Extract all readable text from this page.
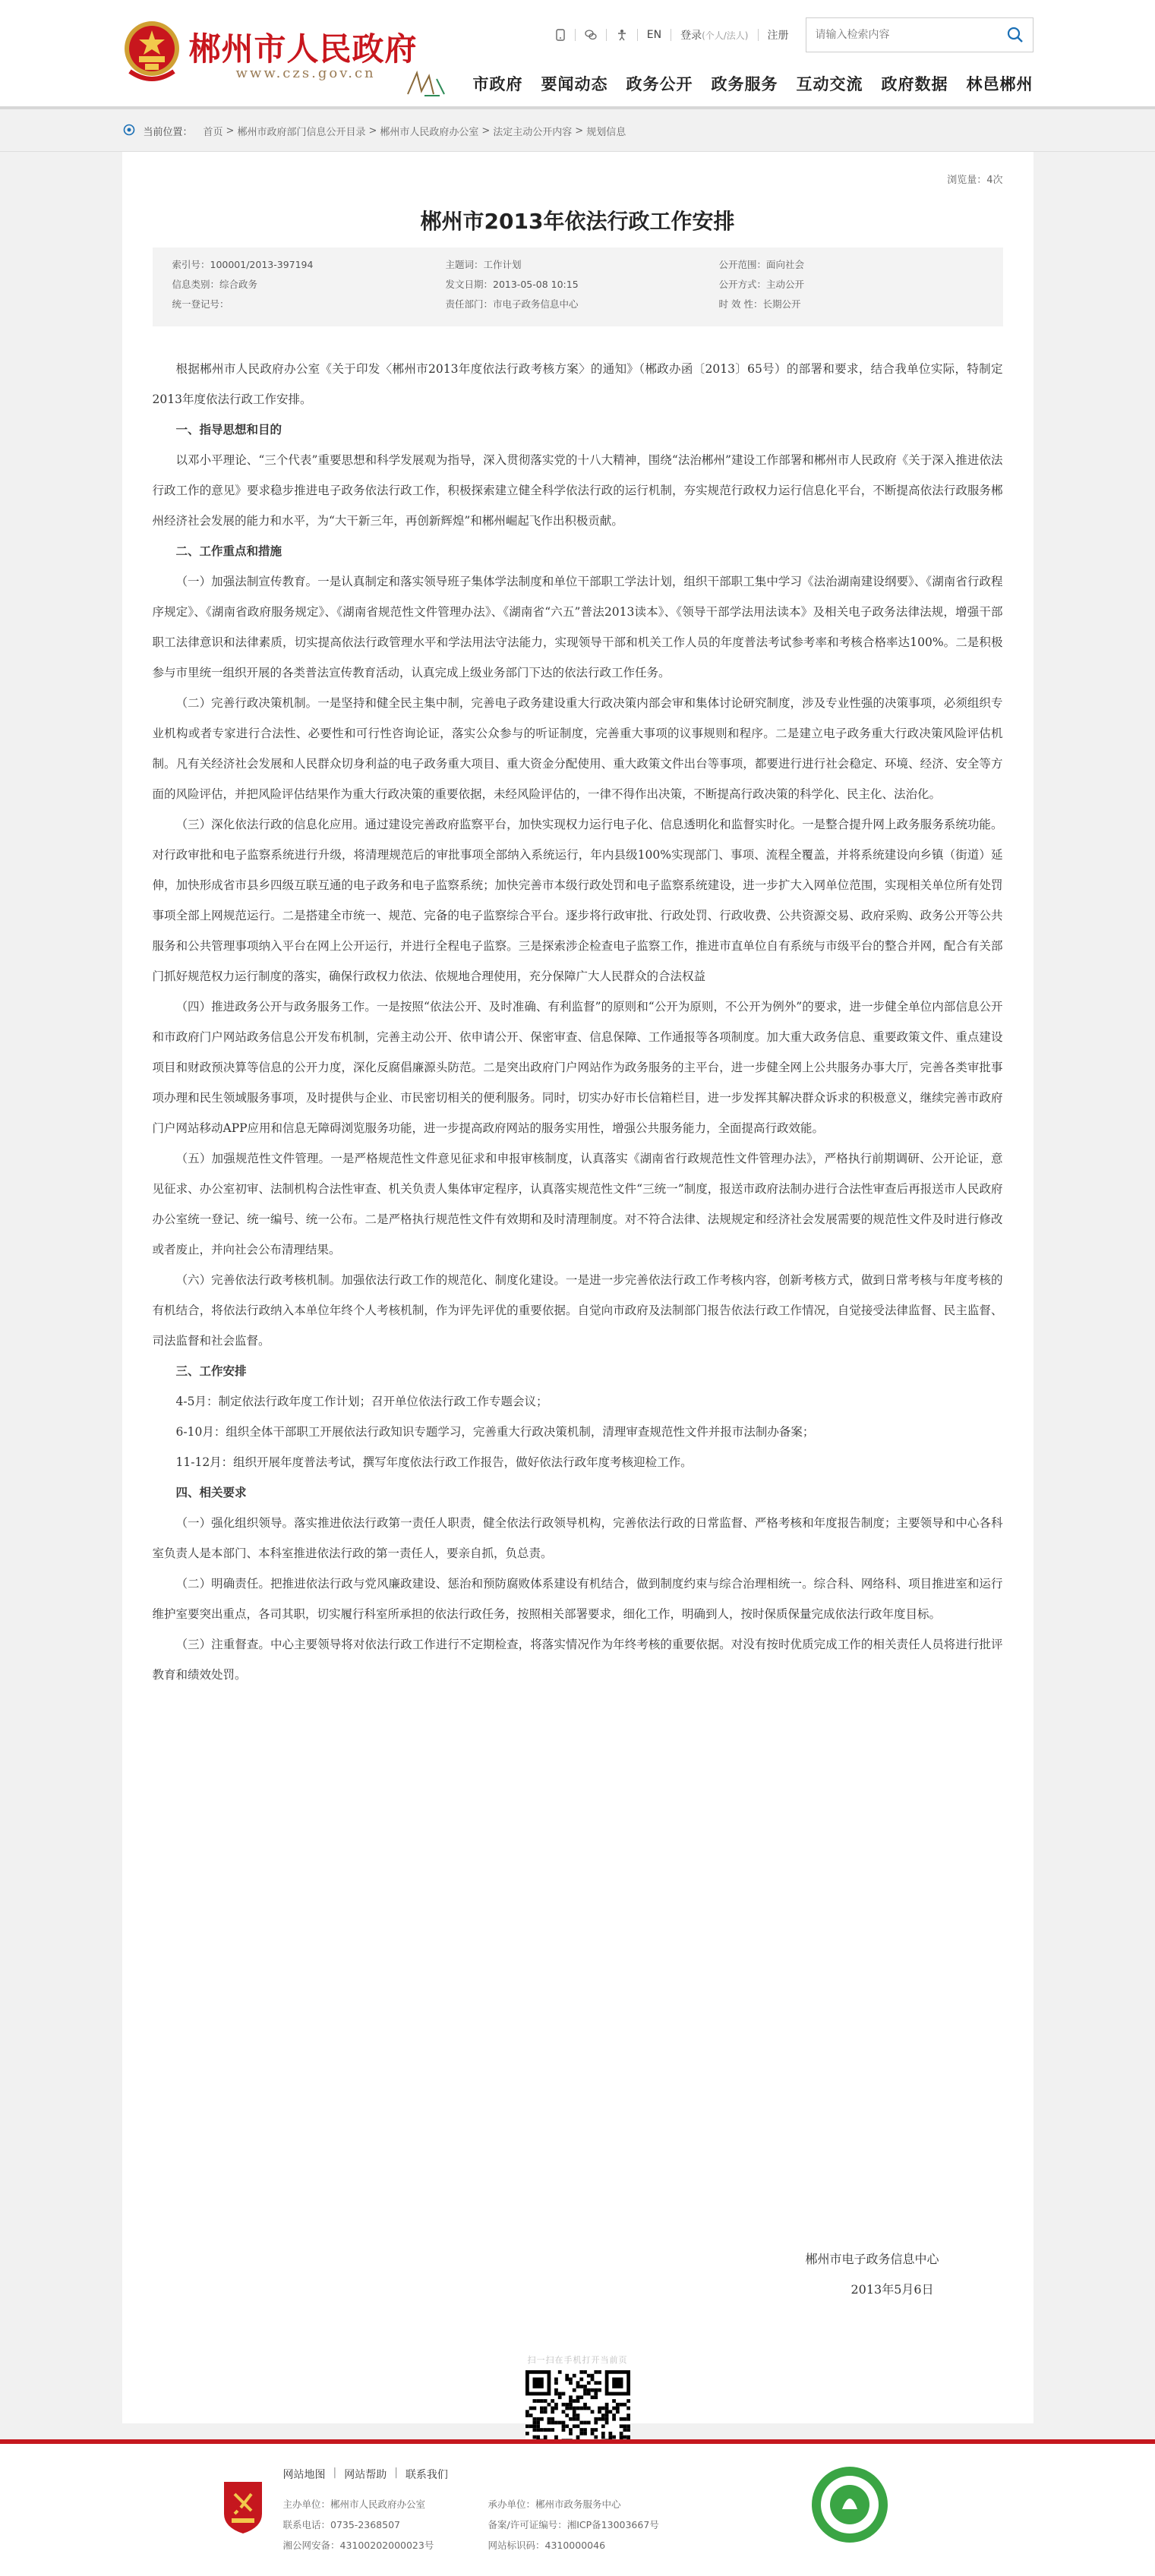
郴州市人民政府
www.czs.gov.cn
EN 登录 (个人/法人) 注册
请输入检索内容
市政府 要闻动态 政务公开 政务服务 互动交流 政府数据 林邑郴州
当前位置： 首页 > 郴州市政府部门信息公开目录 > 郴州市人民政府办公室 > 法定主动公开内容 > 规划信息
浏览量：4次
郴州市2013年依法行政工作安排
索引号：100001/2013-397194	主题词：工作计划	公开范围：面向社会
信息类别：综合政务	发文日期：2013-05-08 10:15	公开方式：主动公开
统一登记号：	责任部门：市电子政务信息中心	时 效 性：长期公开

根据郴州市人民政府办公室《关于印发〈郴州市2013年度依法行政考核方案〉的通知》（郴政办函〔2013〕65号）的部署和要求，结合我单位实际，特制定2013年度依法行政工作安排。

一、指导思想和目的

以邓小平理论、“三个代表”重要思想和科学发展观为指导，深入贯彻落实党的十八大精神，围绕“法治郴州”建设工作部署和郴州市人民政府《关于深入推进依法行政工作的意见》要求稳步推进电子政务依法行政工作，积极探索建立健全科学依法行政的运行机制，夯实规范行政权力运行信息化平台，不断提高依法行政服务郴州经济社会发展的能力和水平，为“大干新三年，再创新辉煌”和郴州崛起飞作出积极贡献。

二、工作重点和措施

（一）加强法制宣传教育。一是认真制定和落实领导班子集体学法制度和单位干部职工学法计划，组织干部职工集中学习《法治湖南建设纲要》、《湖南省行政程序规定》、《湖南省政府服务规定》、《湖南省规范性文件管理办法》、《湖南省“六五”普法2013读本》、《领导干部学法用法读本》及相关电子政务法律法规，增强干部职工法律意识和法律素质，切实提高依法行政管理水平和学法用法守法能力，实现领导干部和机关工作人员的年度普法考试参考率和考核合格率达100%。二是积极参与市里统一组织开展的各类普法宣传教育活动，认真完成上级业务部门下达的依法行政工作任务。

（二）完善行政决策机制。一是坚持和健全民主集中制，完善电子政务建设重大行政决策内部会审和集体讨论研究制度，涉及专业性强的决策事项，必须组织专业机构或者专家进行合法性、必要性和可行性咨询论证，落实公众参与的听证制度，完善重大事项的议事规则和程序。二是建立电子政务重大行政决策风险评估机制。凡有关经济社会发展和人民群众切身利益的电子政务重大项目、重大资金分配使用、重大政策文件出台等事项，都要进行进行社会稳定、环境、经济、安全等方面的风险评估，并把风险评估结果作为重大行政决策的重要依据，未经风险评估的，一律不得作出决策，不断提高行政决策的科学化、民主化、法治化。

（三）深化依法行政的信息化应用。通过建设完善政府监察平台，加快实现权力运行电子化、信息透明化和监督实时化。一是整合提升网上政务服务系统功能。对行政审批和电子监察系统进行升级，将清理规范后的审批事项全部纳入系统运行，年内县级100%实现部门、事项、流程全覆盖，并将系统建设向乡镇（街道）延伸，加快形成省市县乡四级互联互通的电子政务和电子监察系统；加快完善市本级行政处罚和电子监察系统建设，进一步扩大入网单位范围，实现相关单位所有处罚事项全部上网规范运行。二是搭建全市统一、规范、完备的电子监察综合平台。逐步将行政审批、行政处罚、行政收费、公共资源交易、政府采购、政务公开等公共服务和公共管理事项纳入平台在网上公开运行，并进行全程电子监察。三是探索涉企检查电子监察工作，推进市直单位自有系统与市级平台的整合并网，配合有关部门抓好规范权力运行制度的落实，确保行政权力依法、依规地合理使用，充分保障广大人民群众的合法权益

（四）推进政务公开与政务服务工作。一是按照“依法公开、及时准确、有利监督”的原则和“公开为原则，不公开为例外”的要求，进一步健全单位内部信息公开和市政府门户网站政务信息公开发布机制，完善主动公开、依申请公开、保密审查、信息保障、工作通报等各项制度。加大重大政务信息、重要政策文件、重点建设项目和财政预决算等信息的公开力度，深化反腐倡廉源头防范。二是突出政府门户网站作为政务服务的主平台，进一步健全网上公共服务办事大厅，完善各类审批事项办理和民生领域服务事项，及时提供与企业、市民密切相关的便利服务。同时，切实办好市长信箱栏目，进一步发挥其解决群众诉求的积极意义，继续完善市政府门户网站移动APP应用和信息无障碍浏览服务功能，进一步提高政府网站的服务实用性，增强公共服务能力，全面提高行政效能。

（五）加强规范性文件管理。一是严格规范性文件意见征求和申报审核制度，认真落实《湖南省行政规范性文件管理办法》，严格执行前期调研、公开论证，意见征求、办公室初审、法制机构合法性审查、机关负责人集体审定程序，认真落实规范性文件“三统一”制度，报送市政府法制办进行合法性审查后再报送市人民政府办公室统一登记、统一编号、统一公布。二是严格执行规范性文件有效期和及时清理制度。对不符合法律、法规规定和经济社会发展需要的规范性文件及时进行修改或者废止，并向社会公布清理结果。

（六）完善依法行政考核机制。加强依法行政工作的规范化、制度化建设。一是进一步完善依法行政工作考核内容，创新考核方式，做到日常考核与年度考核的有机结合，将依法行政纳入本单位年终个人考核机制，作为评先评优的重要依据。自觉向市政府及法制部门报告依法行政工作情况，自觉接受法律监督、民主监督、司法监督和社会监督。

三、工作安排

4-5月：制定依法行政年度工作计划；召开单位依法行政工作专题会议；

6-10月：组织全体干部职工开展依法行政知识专题学习，完善重大行政决策机制，清理审查规范性文件并报市法制办备案；

11-12月：组织开展年度普法考试，撰写年度依法行政工作报告，做好依法行政年度考核迎检工作。

四、相关要求

（一）强化组织领导。落实推进依法行政第一责任人职责，健全依法行政领导机构，完善依法行政的日常监督、严格考核和年度报告制度；主要领导和中心各科室负责人是本部门、本科室推进依法行政的第一责任人，要亲自抓，负总责。

（二）明确责任。把推进依法行政与党风廉政建设、惩治和预防腐败体系建设有机结合，做到制度约束与综合治理相统一。综合科、网络科、项目推进室和运行维护室要突出重点，各司其职，切实履行科室所承担的依法行政任务，按照相关部署要求，细化工作，明确到人，按时保质保量完成依法行政年度目标。

（三）注重督查。中心主要领导将对依法行政工作进行不定期检查，将落实情况作为年终考核的重要依据。对没有按时优质完成工作的相关责任人员将进行批评教育和绩效处罚。

郴州市电子政务信息中心

2013年5月6日

扫一扫在手机打开当前页
网站地图 | 网站帮助 | 联系我们
主办单位：郴州市人民政府办公室	承办单位：郴州市政务服务中心
联系电话：0735-2368507	备案/许可证编号：湘ICP备13003667号
湘公网安备：43100202000023号	网站标识码：4310000046
